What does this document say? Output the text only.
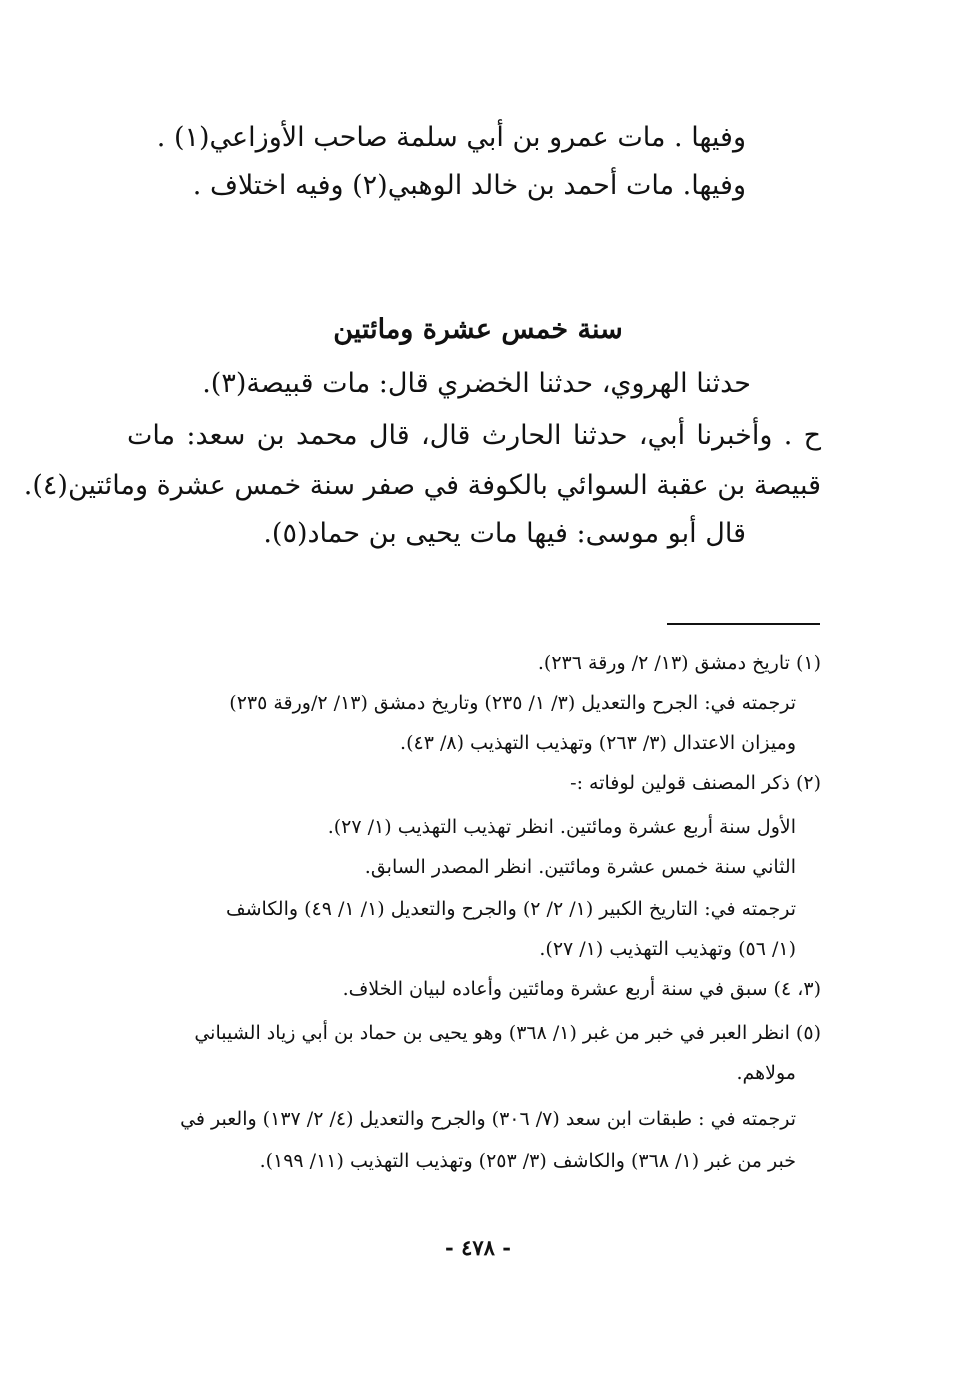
وفيها . مات عمرو بن أبي سلمة صاحب الأوزاعي(١) .
وفيها. مات أحمد بن خالد الوهبي(٢) وفيه اختلاف .
سنة خمس عشرة ومائتين
حدثنا الهروي، حدثنا الخضري قال: مات قبيصة(٣).
ح . وأخبرنا أبي، حدثنا الحارث قال، قال محمد بن سعد: مات
قبيصة بن عقبة السوائي بالكوفة في صفر سنة خمس عشرة ومائتين(٤).
قال أبو موسى: فيها مات يحيى بن حماد(٥).
(١) تاريخ دمشق (١٣/ ٢/ ورقة ٢٣٦).
ترجمته في: الجرح والتعديل (٣/ ١/ ٢٣٥) وتاريخ دمشق (١٣/ ٢/ورقة ٢٣٥)
وميزان الاعتدال (٣/ ٢٦٣) وتهذيب التهذيب (٨/ ٤٣).
(٢) ذكر المصنف قولين لوفاته :-
الأول سنة أربع عشرة ومائتين. انظر تهذيب التهذيب (١/ ٢٧).
الثاني سنة خمس عشرة ومائتين. انظر المصدر السابق.
ترجمته في: التاريخ الكبير (١/ ٢/ ٢) والجرح والتعديل (١/ ١/ ٤٩) والكاشف
(١/ ٥٦) وتهذيب التهذيب (١/ ٢٧).
(٣، ٤) سبق في سنة أربع عشرة ومائتين وأعاده لبيان الخلاف.
(٥) انظر العبر في خبر من غبر (١/ ٣٦٨) وهو يحيى بن حماد بن أبي زياد الشيباني
مولاهم.
ترجمته في : طبقات ابن سعد (٧/ ٣٠٦) والجرح والتعديل (٤/ ٢/ ١٣٧) والعبر في
خبر من غبر (١/ ٣٦٨) والكاشف (٣/ ٢٥٣) وتهذيب التهذيب (١١/ ١٩٩).
- ٤٧٨ -
